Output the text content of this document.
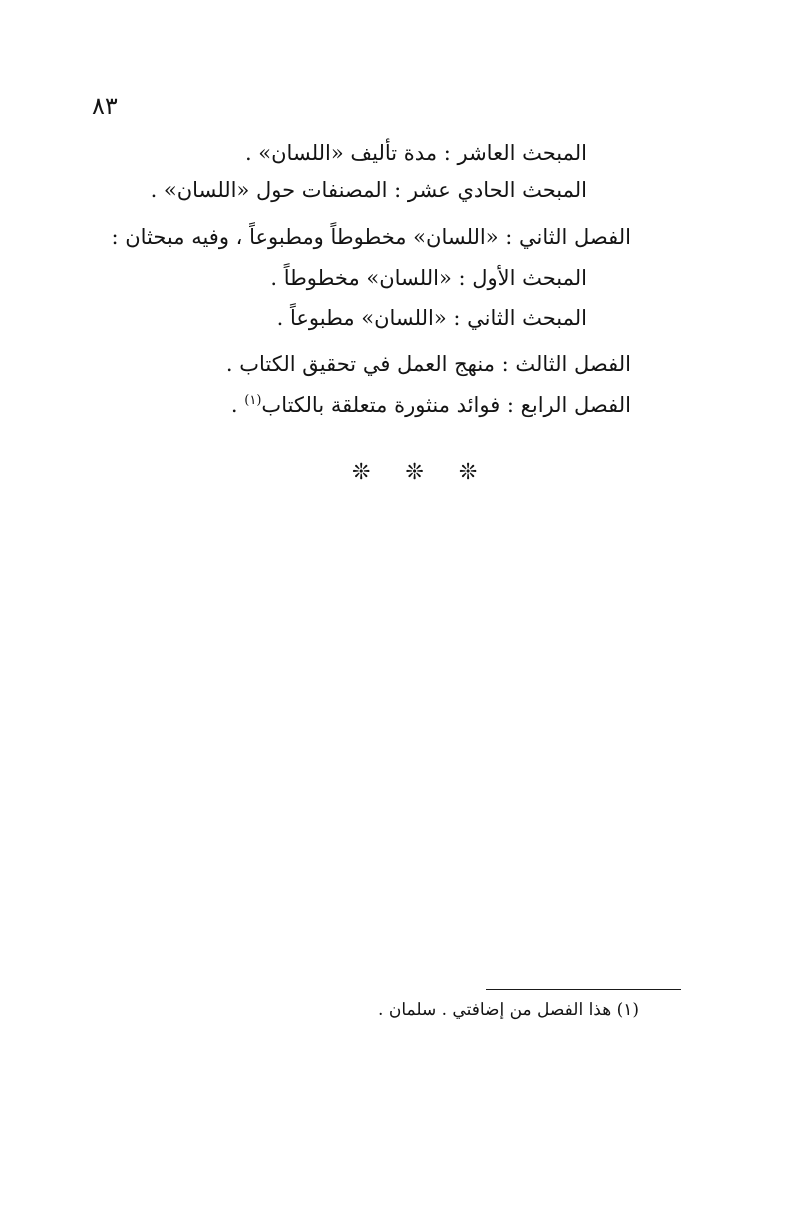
٨٣
المبحث العاشر : مدة تأليف «اللسان» .
المبحث الحادي عشر : المصنفات حول «اللسان» .
الفصل الثاني : «اللسان» مخطوطاً ومطبوعاً ، وفيه مبحثان :
المبحث الأول : «اللسان» مخطوطاً .
المبحث الثاني : «اللسان» مطبوعاً .
الفصل الثالث : منهج العمل في تحقيق الكتاب .
الفصل الرابع : فوائد منثورة متعلقة بالكتاب$^{(١)}$ .
❊ ❊ ❊
(١) هذا الفصل من إضافتي . سلمان .
